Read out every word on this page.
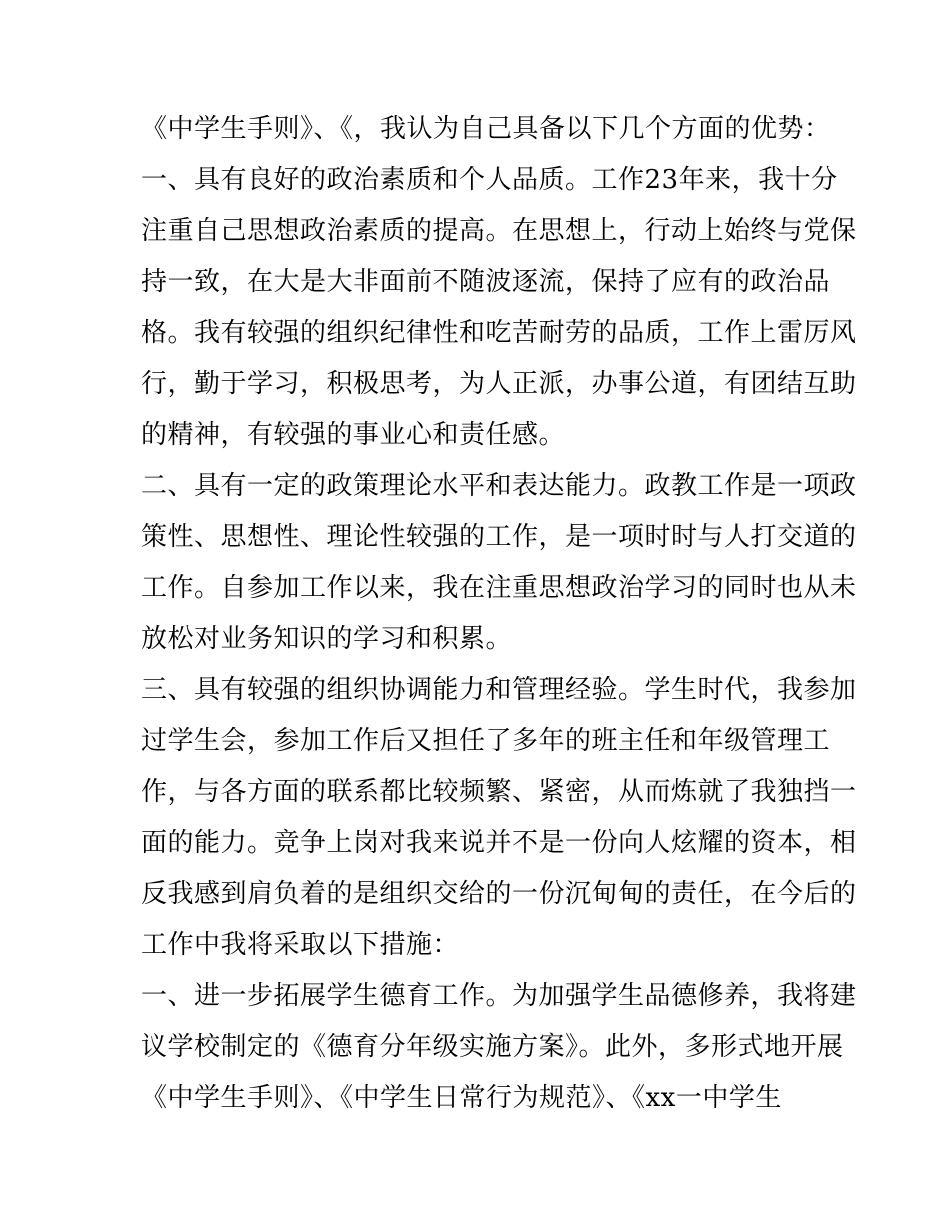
《中学生手则》、《，我认为自己具备以下几个方面的优势：
一、具有良好的政治素质和个人品质。工作23年来，我十分
注重自己思想政治素质的提高。在思想上，行动上始终与党保
持一致，在大是大非面前不随波逐流，保持了应有的政治品
格。我有较强的组织纪律性和吃苦耐劳的品质，工作上雷厉风
行，勤于学习，积极思考，为人正派，办事公道，有团结互助
的精神，有较强的事业心和责任感。
二、具有一定的政策理论水平和表达能力。政教工作是一项政
策性、思想性、理论性较强的工作，是一项时时与人打交道的
工作。自参加工作以来，我在注重思想政治学习的同时也从未
放松对业务知识的学习和积累。
三、具有较强的组织协调能力和管理经验。学生时代，我参加
过学生会，参加工作后又担任了多年的班主任和年级管理工
作，与各方面的联系都比较频繁、紧密，从而炼就了我独挡一
面的能力。竞争上岗对我来说并不是一份向人炫耀的资本，相
反我感到肩负着的是组织交给的一份沉甸甸的责任，在今后的
工作中我将采取以下措施：
一、进一步拓展学生德育工作。为加强学生品德修养，我将建
议学校制定的《德育分年级实施方案》。此外，多形式地开展
《中学生手则》、《中学生日常行为规范》、《xx一中学生
